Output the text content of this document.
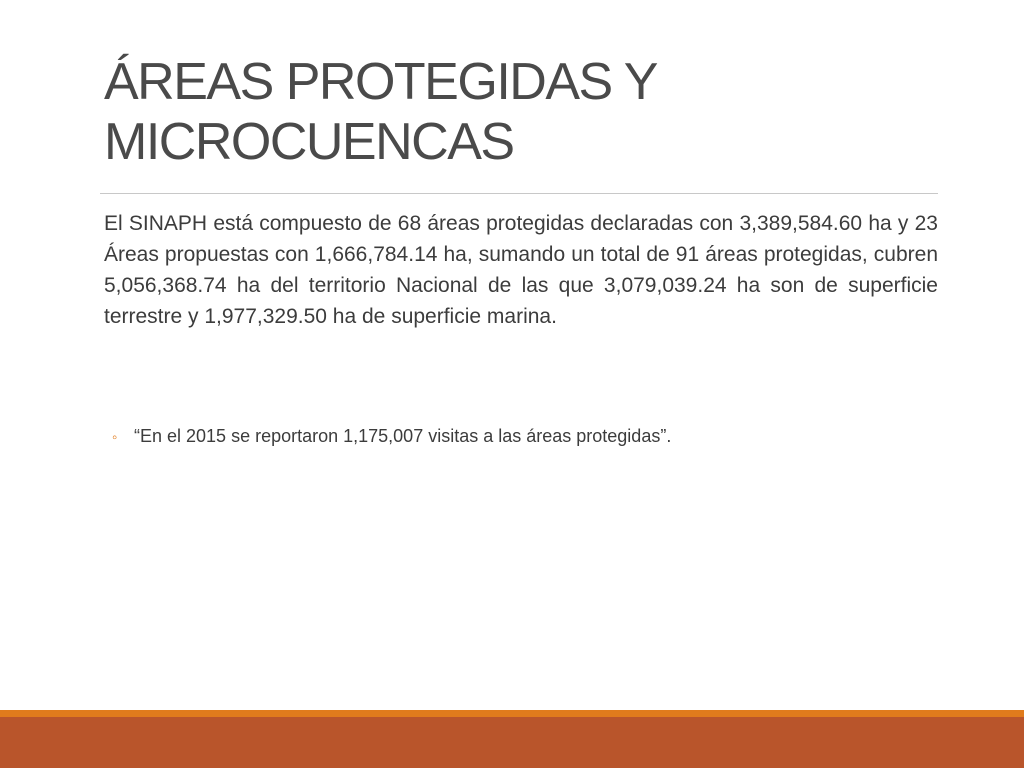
ÁREAS PROTEGIDAS Y
MICROCUENCAS

El SINAPH está compuesto de 68 áreas protegidas declaradas con 3,389,584.60 ha y 23 Áreas propuestas con 1,666,784.14 ha, sumando un total de 91 áreas protegidas, cubren 5,056,368.74 ha del territorio Nacional de las que 3,079,039.24 ha son de superficie terrestre y 1,977,329.50 ha de superficie marina.

◦ “En el 2015 se reportaron 1,175,007 visitas a las áreas protegidas”.
